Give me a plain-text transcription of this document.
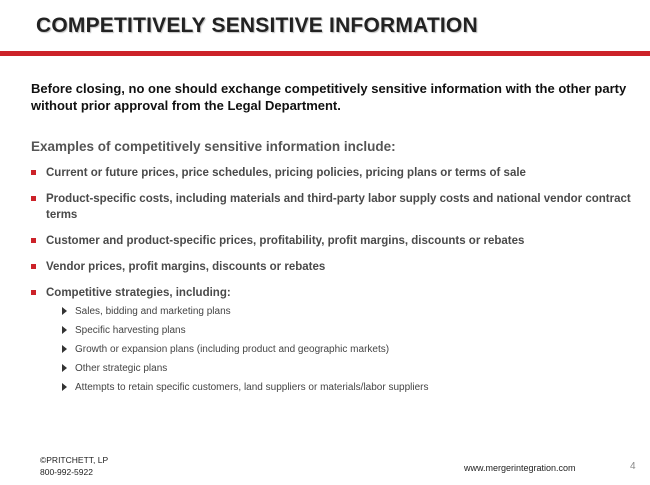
COMPETITIVELY SENSITIVE INFORMATION
Before closing, no one should exchange competitively sensitive information with the other party without prior approval from the Legal Department.
Examples of competitively sensitive information include:
Current or future prices, price schedules, pricing policies, pricing plans or terms of sale
Product-specific costs, including materials and third-party labor supply costs and national vendor contract terms
Customer and product-specific prices, profitability, profit margins, discounts or rebates
Vendor prices, profit margins, discounts or rebates
Competitive strategies, including:
Sales, bidding and marketing plans
Specific harvesting plans
Growth or expansion plans (including product and geographic markets)
Other strategic plans
Attempts to retain specific customers, land suppliers or materials/labor suppliers
©PRITCHETT, LP
800-992-5922	www.mergerintegration.com	4
